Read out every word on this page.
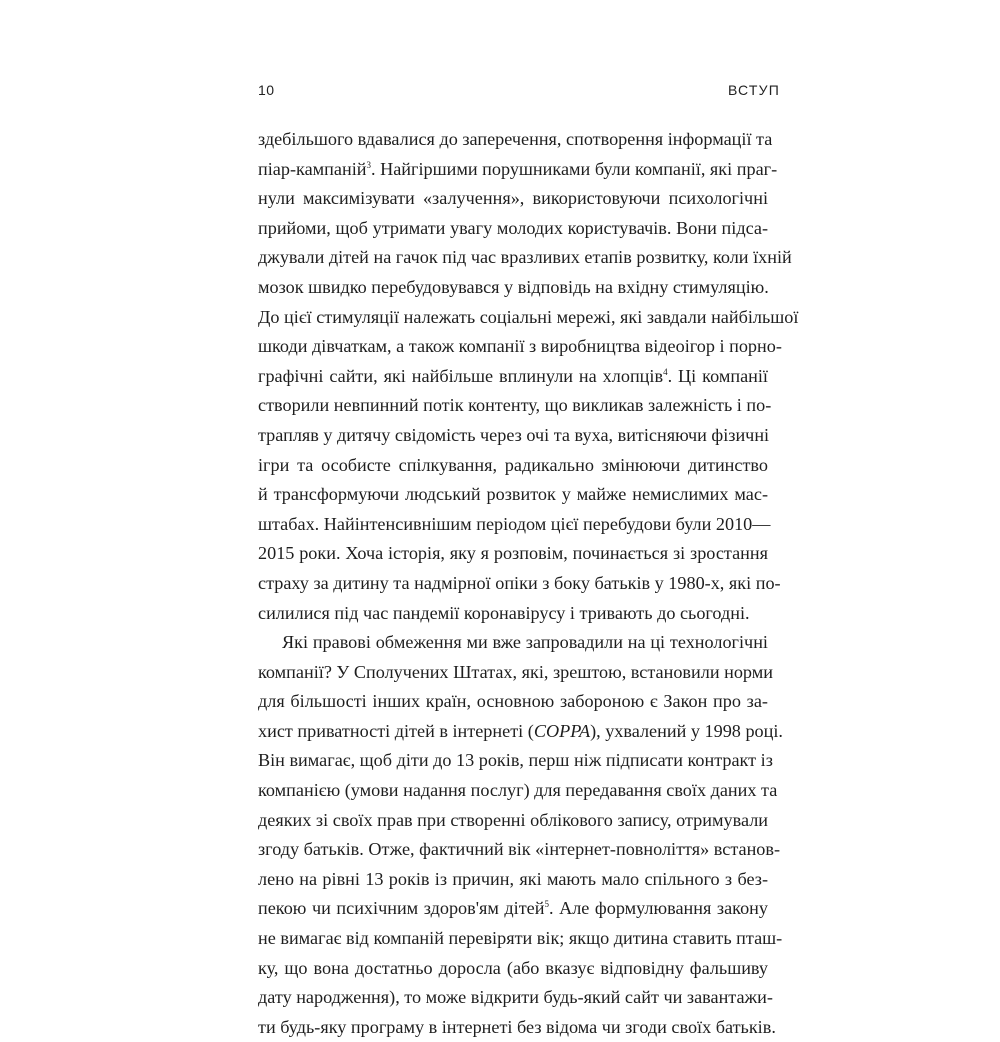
10	ВСТУП
здебільшого вдавалися до заперечення, спотворення інформації та
піар-кампаній$^3$. Найгіршими порушниками були компанії, які праг-
нули максимізувати «залучення», використовуючи психологічні
прийоми, щоб утримати увагу молодих користувачів. Вони підса-
джували дітей на гачок під час вразливих етапів розвитку, коли їхній
мозок швидко перебудовувався у відповідь на вхідну стимуляцію.
До цієї стимуляції належать соціальні мережі, які завдали найбільшої
шкоди дівчаткам, а також компанії з виробництва відеоігор і порно-
графічні сайти, які найбільше вплинули на хлопців$^4$. Ці компанії
створили невпинний потік контенту, що викликав залежність і по-
трапляв у дитячу свідомість через очі та вуха, витісняючи фізичні
ігри та особисте спілкування, радикально змінюючи дитинство
й трансформуючи людський розвиток у майже немислимих мас-
штабах. Найінтенсивнішим періодом цієї перебудови були 2010—
2015 роки. Хоча історія, яку я розповім, починається зі зростання
страху за дитину та надмірної опіки з боку батьків у 1980-х, які по-
силилися під час пандемії коронавірусу і тривають до сьогодні.
Які правові обмеження ми вже запровадили на ці технологічні
компанії? У Сполучених Штатах, які, зрештою, встановили норми
для більшості інших країн, основною забороною є Закон про за-
хист приватності дітей в інтернеті (COPPA), ухвалений у 1998 році.
Він вимагає, щоб діти до 13 років, перш ніж підписати контракт із
компанією (умови надання послуг) для передавання своїх даних та
деяких зі своїх прав при створенні облікового запису, отримували
згоду батьків. Отже, фактичний вік «інтернет-повноліття» встанов-
лено на рівні 13 років із причин, які мають мало спільного з без-
пекою чи психічним здоров'ям дітей$^5$. Але формулювання закону
не вимагає від компаній перевіряти вік; якщо дитина ставить пташ-
ку, що вона достатньо доросла (або вказує відповідну фальшиву
дату народження), то може відкрити будь-який сайт чи завантажи-
ти будь-яку програму в інтернеті без відома чи згоди своїх батьків.
